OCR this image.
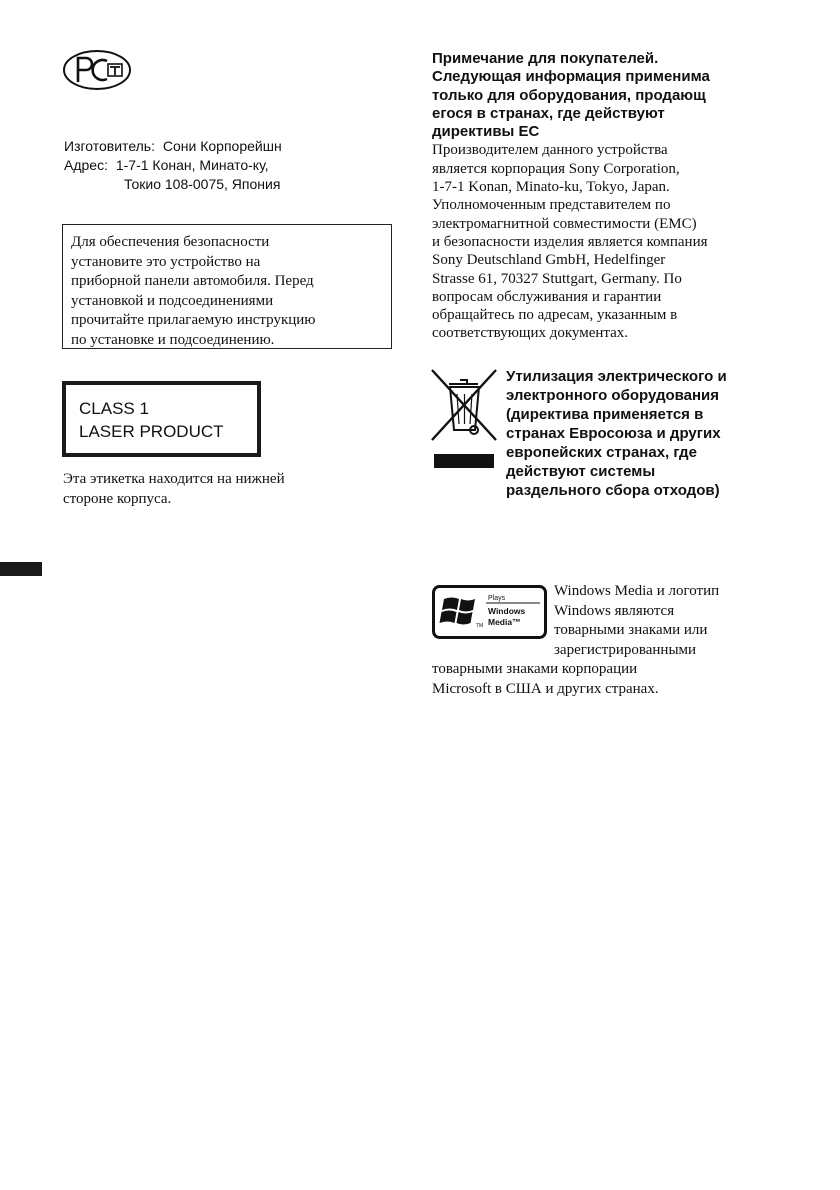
Изготовитель: Сони Корпорейшн
Адрес: 1-7-1 Конан, Минато-ку,
Токио 108-0075, Япония
Для обеспечения безопасности
установите это устройство на
приборной панели автомобиля. Перед
установкой и подсоединениями
прочитайте прилагаемую инструкцию
по установке и подсоединению.
CLASS 1
LASER PRODUCT
Эта этикетка находится на нижней
стороне корпуса.
Примечание для покупателей.
Следующая информация применима
только для оборудования, продающ
егося в странах, где действуют
директивы ЕС
Производителем данного устройства
является корпорация Sony Corporation,
1-7-1 Konan, Minato-ku, Tokyo, Japan.
Уполномоченным представителем по
электромагнитной совместимости (EMC)
и безопасности изделия является компания
Sony Deutschland GmbH, Hedelfinger
Strasse 61, 70327 Stuttgart, Germany. По
вопросам обслуживания и гарантии
обращайтесь по адресам, указанным в
соответствующих документах.
Утилизация электрического и
электронного оборудования
(директива применяется в
странах Евросоюза и других
европейских странах, где
действуют системы
раздельного сбора отходов)
TM
Plays
Windows
Media™
Windows Media и логотип
Windows являются
товарными знаками или
зарегистрированными
товарными знаками корпорации
Microsoft в США и других странах.
